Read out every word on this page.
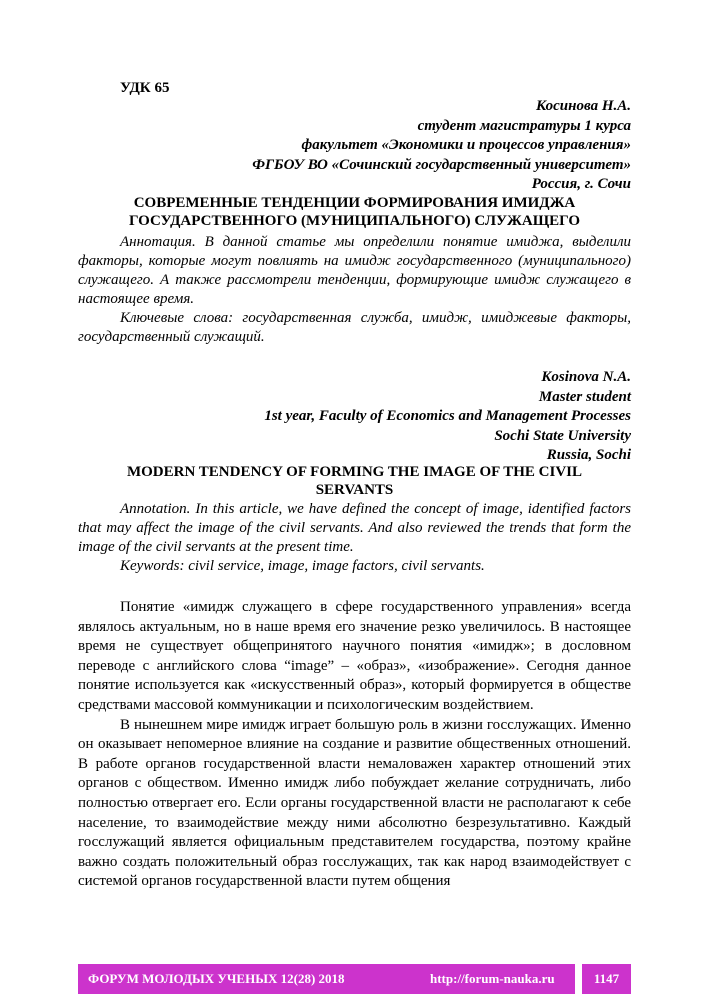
УДК 65
Косинова Н.А.
студент магистратуры 1 курса
факультет «Экономики и процессов управления»
ФГБОУ ВО «Сочинский государственный университет»
Россия, г. Сочи
СОВРЕМЕННЫЕ ТЕНДЕНЦИИ ФОРМИРОВАНИЯ ИМИДЖА
ГОСУДАРСТВЕННОГО (МУНИЦИПАЛЬНОГО) СЛУЖАЩЕГО

Аннотация. В данной статье мы определили понятие имиджа, выделили факторы, которые могут повлиять на имидж государственного (муниципального) служащего. А также рассмотрели тенденции, формирующие имидж служащего в настоящее время.

Ключевые слова: государственная служба, имидж, имиджевые факторы, государственный служащий.

Kosinova N.A.
Master student
1st year, Faculty of Economics and Management Processes
Sochi State University
Russia, Sochi
MODERN TENDENCY OF FORMING THE IMAGE OF THE CIVIL
SERVANTS

Annotation. In this article, we have defined the concept of image, identified factors that may affect the image of the civil servants. And also reviewed the trends that form the image of the civil servants at the present time.

Keywords: civil service, image, image factors, civil servants.

Понятие «имидж служащего в сфере государственного управления» всегда являлось актуальным, но в наше время его значение резко увеличилось. В настоящее время не существует общепринятого научного понятия «имидж»; в дословном переводе с английского слова “image” – «образ», «изображение». Сегодня данное понятие используется как «искусственный образ», который формируется в обществе средствами массовой коммуникации и психологическим воздействием.

В нынешнем мире имидж играет большую роль в жизни госслужащих. Именно он оказывает непомерное влияние на создание и развитие общественных отношений. В работе органов государственной власти немаловажен характер отношений этих органов с обществом. Именно имидж либо побуждает желание сотрудничать, либо полностью отвергает его. Если органы государственной власти не располагают к себе население, то взаимодействие между ними абсолютно безрезультативно. Каждый госслужащий является официальным представителем государства, поэтому крайне важно создать положительный образ госслужащих, так как народ взаимодействует с системой органов государственной власти путем общения

ФОРУМ МОЛОДЫХ УЧЕНЫХ 12(28) 2018	http://forum-nauka.ru	1147
